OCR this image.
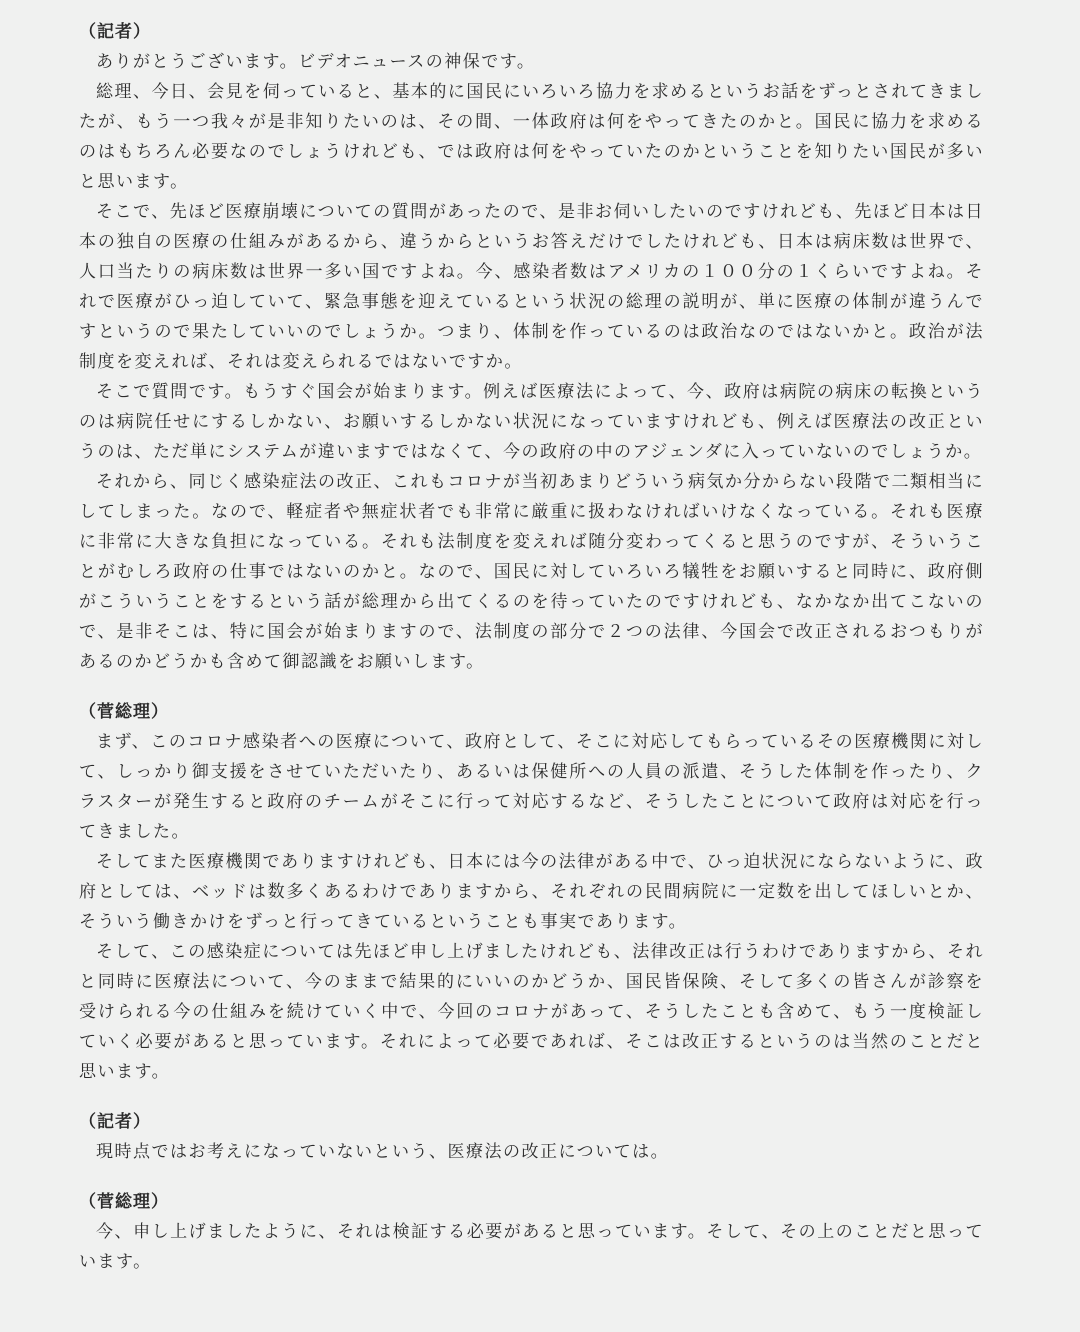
（記者）

ありがとうございます。ビデオニュースの神保です。

総理、今日、会見を伺っていると、基本的に国民にいろいろ協力を求めるというお話をずっとされてきましたが、もう一つ我々が是非知りたいのは、その間、一体政府は何をやってきたのかと。国民に協力を求めるのはもちろん必要なのでしょうけれども、では政府は何をやっていたのかということを知りたい国民が多いと思います。

そこで、先ほど医療崩壊についての質問があったので、是非お伺いしたいのですけれども、先ほど日本は日本の独自の医療の仕組みがあるから、違うからというお答えだけでしたけれども、日本は病床数は世界で、人口当たりの病床数は世界一多い国ですよね。今、感染者数はアメリカの１００分の１くらいですよね。それで医療がひっ迫していて、緊急事態を迎えているという状況の総理の説明が、単に医療の体制が違うんですというので果たしていいのでしょうか。つまり、体制を作っているのは政治なのではないかと。政治が法制度を変えれば、それは変えられるではないですか。

そこで質問です。もうすぐ国会が始まります。例えば医療法によって、今、政府は病院の病床の転換というのは病院任せにするしかない、お願いするしかない状況になっていますけれども、例えば医療法の改正というのは、ただ単にシステムが違いますではなくて、今の政府の中のアジェンダに入っていないのでしょうか。

それから、同じく感染症法の改正、これもコロナが当初あまりどういう病気か分からない段階で二類相当にしてしまった。なので、軽症者や無症状者でも非常に厳重に扱わなければいけなくなっている。それも医療に非常に大きな負担になっている。それも法制度を変えれば随分変わってくると思うのですが、そういうことがむしろ政府の仕事ではないのかと。なので、国民に対していろいろ犠牲をお願いすると同時に、政府側がこういうことをするという話が総理から出てくるのを待っていたのですけれども、なかなか出てこないので、是非そこは、特に国会が始まりますので、法制度の部分で２つの法律、今国会で改正されるおつもりがあるのかどうかも含めて御認識をお願いします。

（菅総理）

まず、このコロナ感染者への医療について、政府として、そこに対応してもらっているその医療機関に対して、しっかり御支援をさせていただいたり、あるいは保健所への人員の派遣、そうした体制を作ったり、クラスターが発生すると政府のチームがそこに行って対応するなど、そうしたことについて政府は対応を行ってきました。

そしてまた医療機関でありますけれども、日本には今の法律がある中で、ひっ迫状況にならないように、政府としては、ベッドは数多くあるわけでありますから、それぞれの民間病院に一定数を出してほしいとか、そういう働きかけをずっと行ってきているということも事実であります。

そして、この感染症については先ほど申し上げましたけれども、法律改正は行うわけでありますから、それと同時に医療法について、今のままで結果的にいいのかどうか、国民皆保険、そして多くの皆さんが診察を受けられる今の仕組みを続けていく中で、今回のコロナがあって、そうしたことも含めて、もう一度検証していく必要があると思っています。それによって必要であれば、そこは改正するというのは当然のことだと思います。

（記者）

現時点ではお考えになっていないという、医療法の改正については。

（菅総理）

今、申し上げましたように、それは検証する必要があると思っています。そして、その上のことだと思っています。
